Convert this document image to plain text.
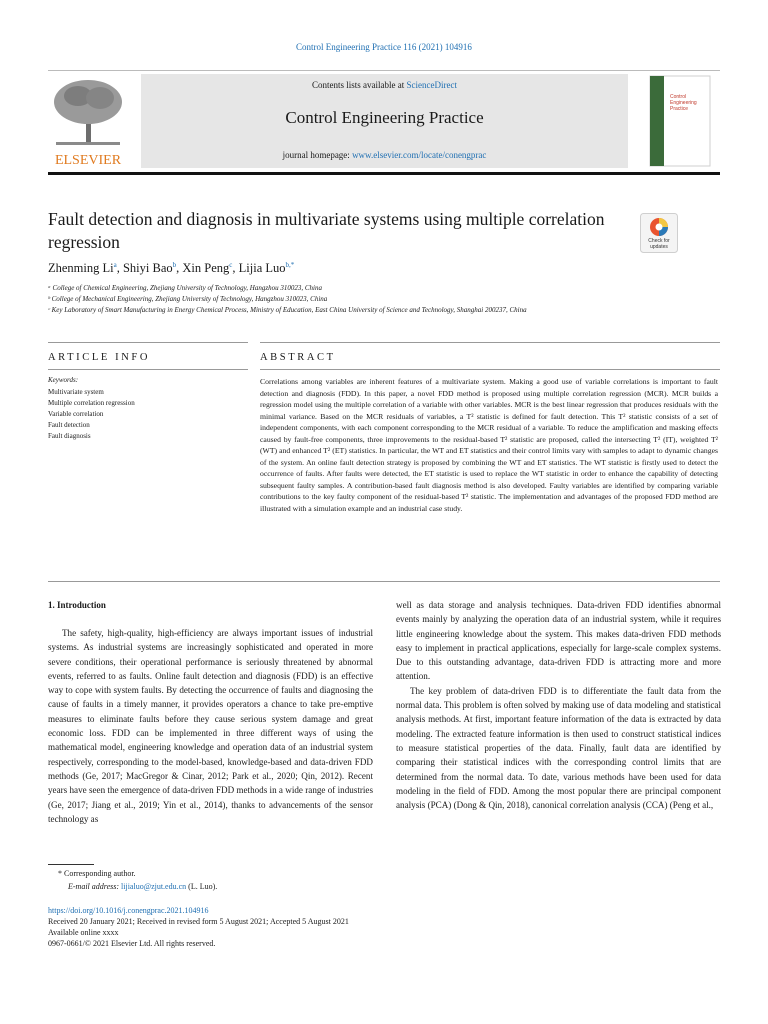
Control Engineering Practice 116 (2021) 104916
ELSEVIER
Contents lists available at ScienceDirect
Control Engineering Practice
journal homepage: www.elsevier.com/locate/conengprac
Control
Engineering
Practice
Fault detection and diagnosis in multivariate systems using multiple correlation regression	Check for updates
Zhenming Li$^a$, Shiyi Bao$^b$, Xin Peng$^c$, Lijia Luo$^{b,*}$
ᵃ College of Chemical Engineering, Zhejiang University of Technology, Hangzhou 310023, China
ᵇ College of Mechanical Engineering, Zhejiang University of Technology, Hangzhou 310023, China
ᶜ Key Laboratory of Smart Manufacturing in Energy Chemical Process, Ministry of Education, East China University of Science and Technology, Shanghai 200237, China
ARTICLE INFO	ABSTRACT
Keywords:
Multivariate system
Multiple correlation regression
Variable correlation
Fault detection
Fault diagnosis
Correlations among variables are inherent features of a multivariate system. Making a good use of variable correlations is important to fault detection and diagnosis (FDD). In this paper, a novel FDD method is proposed using multiple correlation regression (MCR). MCR builds a regression model using the multiple correlation of a variable with other variables. MCR is the best linear regression that produces residuals with the minimal variance. Based on the MCR residuals of variables, a T² statistic is defined for fault detection. This T² statistic consists of a set of independent components, with each component corresponding to the MCR residual of a variable. To reduce the amplification and masking effects caused by fault-free components, three improvements to the residual-based T² statistic are proposed, called the intersecting T² (IT), weighted T² (WT) and enhanced T² (ET) statistics. In particular, the WT and ET statistics and their control limits vary with samples to adapt to dynamic changes of the system. An online fault detection strategy is proposed by combining the WT and ET statistics. The WT statistic is firstly used to detect the occurrence of faults. After faults were detected, the ET statistic is used to replace the WT statistic in order to enhance the capability of detecting subsequent faulty samples. A contribution-based fault diagnosis method is also developed. Faulty variables are identified by comparing variable contributions to the key faulty component of the residual-based T² statistic. The implementation and advantages of the proposed FDD method are illustrated with a simulation example and an industrial case study.
1. Introduction

The safety, high-quality, high-efficiency are always important issues of industrial systems. As industrial systems are increasingly sophisticated and operated in more severe conditions, their operational performance is seriously threatened by abnormal events, referred to as faults. Online fault detection and diagnosis (FDD) is an effective way to cope with system faults. By detecting the occurrence of faults and diagnosing the cause of faults in a timely manner, it provides operators a chance to take pre-emptive measures to eliminate faults before they cause serious system damage and great economic loss. FDD can be implemented in three different ways of using the mathematical model, engineering knowledge and operation data of an industrial system respectively, corresponding to the model-based, knowledge-based and data-driven FDD methods (Ge, 2017; MacGregor & Cinar, 2012; Park et al., 2020; Qin, 2012). Recent years have seen the emergence of data-driven FDD methods in a wide range of industries (Ge, 2017; Jiang et al., 2019; Yin et al., 2014), thanks to advancements of the sensor technology as

well as data storage and analysis techniques. Data-driven FDD identifies abnormal events mainly by analyzing the operation data of an industrial system, while it requires little engineering knowledge about the system. This makes data-driven FDD methods easy to implement in practical applications, especially for large-scale complex systems. Due to this outstanding advantage, data-driven FDD is attracting more and more attention.

The key problem of data-driven FDD is to differentiate the fault data from the normal data. This problem is often solved by making use of data modeling and statistical analysis methods. At first, important feature information of the data is extracted by data modeling. The extracted feature information is then used to construct statistical indices to measure statistical properties of the data. Finally, fault data are identified by comparing their statistical indices with the corresponding control limits that are determined from the normal data. To date, various methods have been used for data modeling in the field of FDD. Among the most popular there are principal component analysis (PCA) (Dong & Qin, 2018), canonical correlation analysis (CCA) (Peng et al.,

* Corresponding author.
E-mail address: lijialuo@zjut.edu.cn (L. Luo).
https://doi.org/10.1016/j.conengprac.2021.104916
Received 20 January 2021; Received in revised form 5 August 2021; Accepted 5 August 2021
Available online xxxx
0967-0661/© 2021 Elsevier Ltd. All rights reserved.
